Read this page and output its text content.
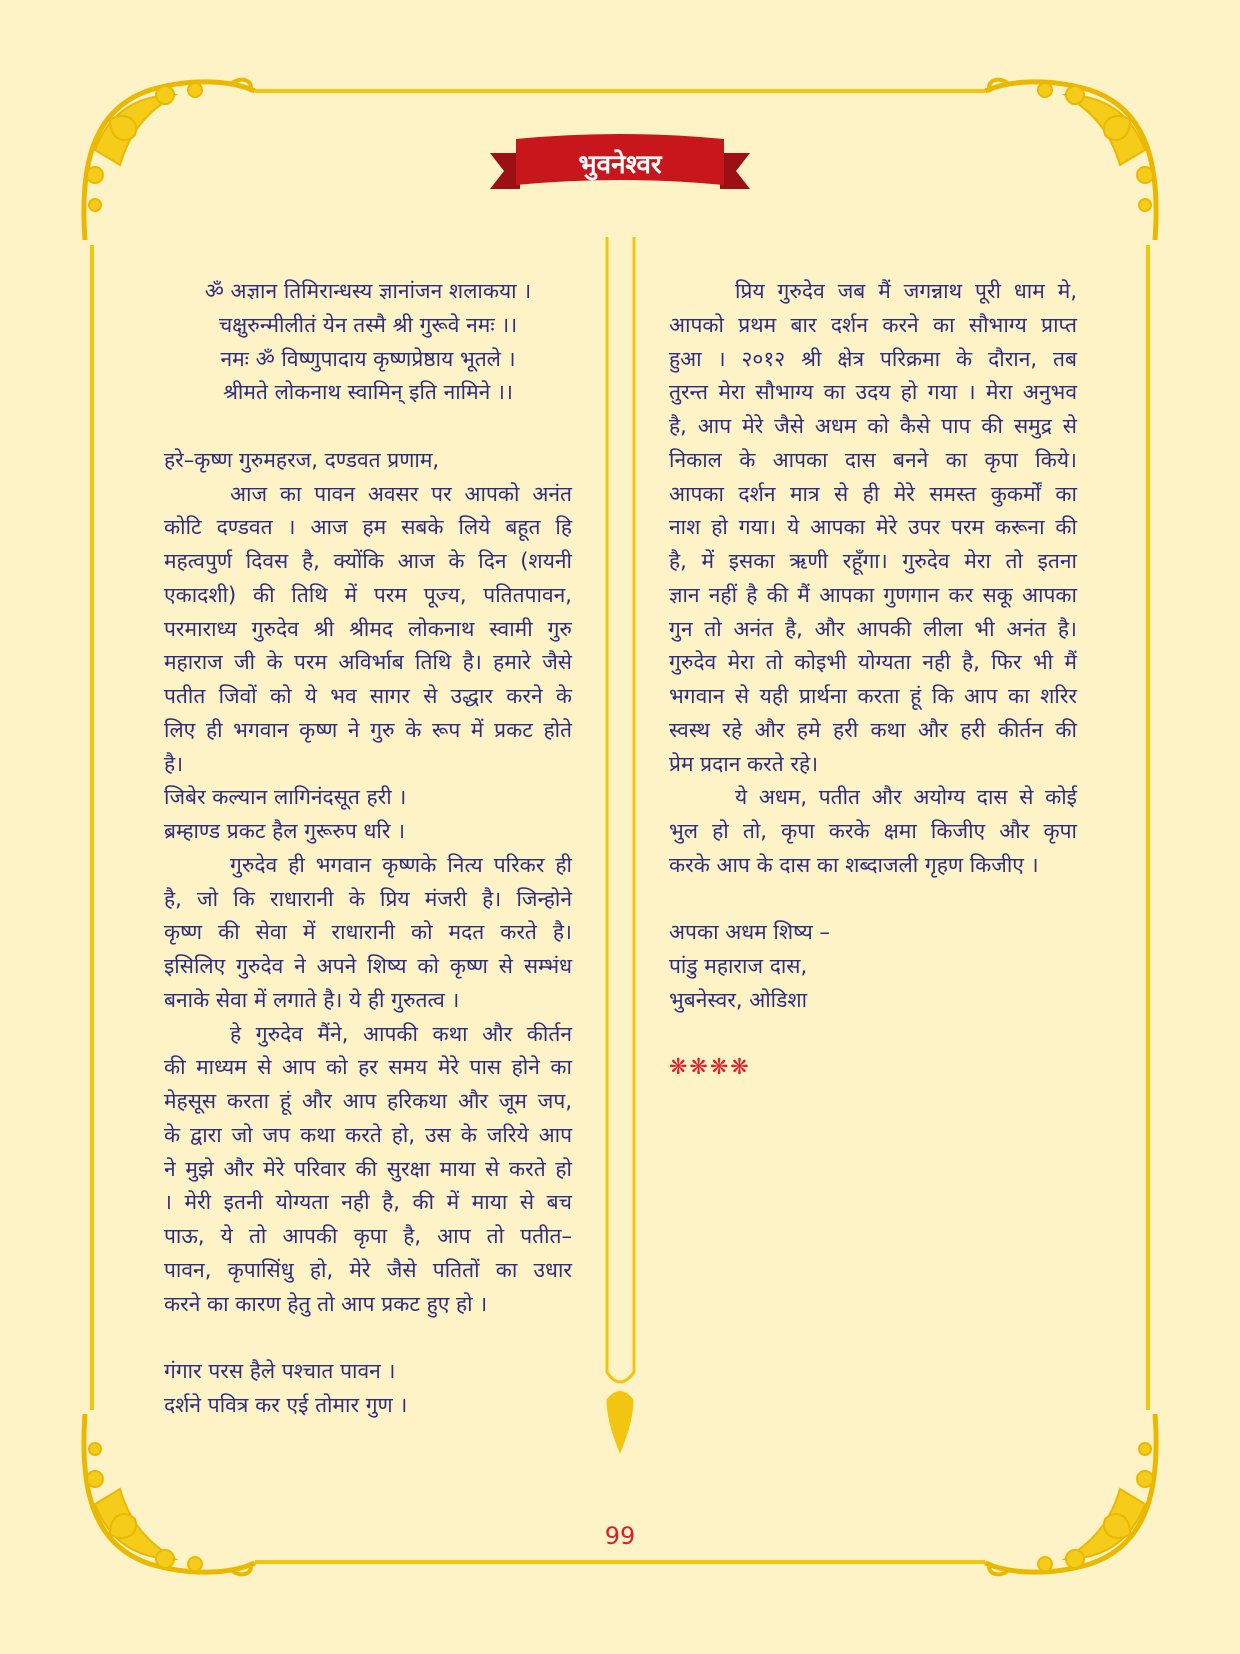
भुवनेश्वर
ॐ अज्ञान तिमिरान्धस्य ज्ञानांजन शलाकया ।
चक्षुरुन्मीलीतं येन तस्मै श्री गुरूवे नमः ।।
नमः ॐ विष्णुपादाय कृष्णप्रेष्ठाय भूतले ।
श्रीमते लोकनाथ स्वामिन् इति नामिने ।।
हरे–कृष्ण गुरुमहरज, दण्डवत प्रणाम,
आज का पावन अवसर पर आपको अनंत
कोटि दण्डवत । आज हम सबके लिये बहूत हि
महत्वपुर्ण दिवस है, क्योंकि आज के दिन (शयनी
एकादशी) की तिथि में परम पूज्य, पतितपावन,
परमाराध्य गुरुदेव श्री श्रीमद लोकनाथ स्वामी गुरु
महाराज जी के परम अविर्भाब तिथि है। हमारे जैसे
पतीत जिवों को ये भव सागर से उद्धार करने के
लिए ही भगवान कृष्ण ने गुरु के रूप में प्रकट होते
है।
जिबेर कल्यान लागिनंदसूत हरी ।
ब्रम्हाण्ड प्रकट हैल गुरूरुप धरि ।
गुरुदेव ही भगवान कृष्णके नित्य परिकर ही
है, जो कि राधारानी के प्रिय मंजरी है। जिन्होने
कृष्ण की सेवा में राधारानी को मदत करते है।
इसिलिए गुरुदेव ने अपने शिष्य को कृष्ण से सम्भंध
बनाके सेवा में लगाते है। ये ही गुरुतत्व ।
हे गुरुदेव मैंने, आपकी कथा और कीर्तन
की माध्यम से आप को हर समय मेरे पास होने का
मेहसूस करता हूं और आप हरिकथा और जूम जप,
के द्वारा जो जप कथा करते हो, उस के जरिये आप
ने मुझे और मेरे परिवार की सुरक्षा माया से करते हो
। मेरी इतनी योग्यता नही है, की में माया से बच
पाऊ, ये तो आपकी कृपा है, आप तो पतीत–
पावन, कृपासिंधु हो, मेरे जैसे पतितों का उधार
करने का कारण हेतु तो आप प्रकट हुए हो ।
गंगार परस हैले पश्चात पावन ।
दर्शने पवित्र कर एई तोमार गुण ।
प्रिय गुरुदेव जब मैं जगन्नाथ पूरी धाम मे,
आपको प्रथम बार दर्शन करने का सौभाग्य प्राप्त
हुआ । २०१२ श्री क्षेत्र परिक्रमा के दौरान, तब
तुरन्त मेरा सौभाग्य का उदय हो गया । मेरा अनुभव
है, आप मेरे जैसे अधम को कैसे पाप की समुद्र से
निकाल के आपका दास बनने का कृपा किये।
आपका दर्शन मात्र से ही मेरे समस्त कुकर्मों का
नाश हो गया। ये आपका मेरे उपर परम करूना की
है, में इसका ऋणी रहूँगा। गुरुदेव मेरा तो इतना
ज्ञान नहीं है की मैं आपका गुणगान कर सकू आपका
गुन तो अनंत है, और आपकी लीला भी अनंत है।
गुरुदेव मेरा तो कोइभी योग्यता नही है, फिर भी मैं
भगवान से यही प्रार्थना करता हूं कि आप का शरिर
स्वस्थ रहे और हमे हरी कथा और हरी कीर्तन की
प्रेम प्रदान करते रहे।
ये अधम, पतीत और अयोग्य दास से कोई
भुल हो तो, कृपा करके क्षमा किजीए और कृपा
करके आप के दास का शब्दाजली गृहण किजीए ।
अपका अधम शिष्य –
पांडु महाराज दास,
भुबनेस्वर, ओडिशा
❋❋❋❋
99
